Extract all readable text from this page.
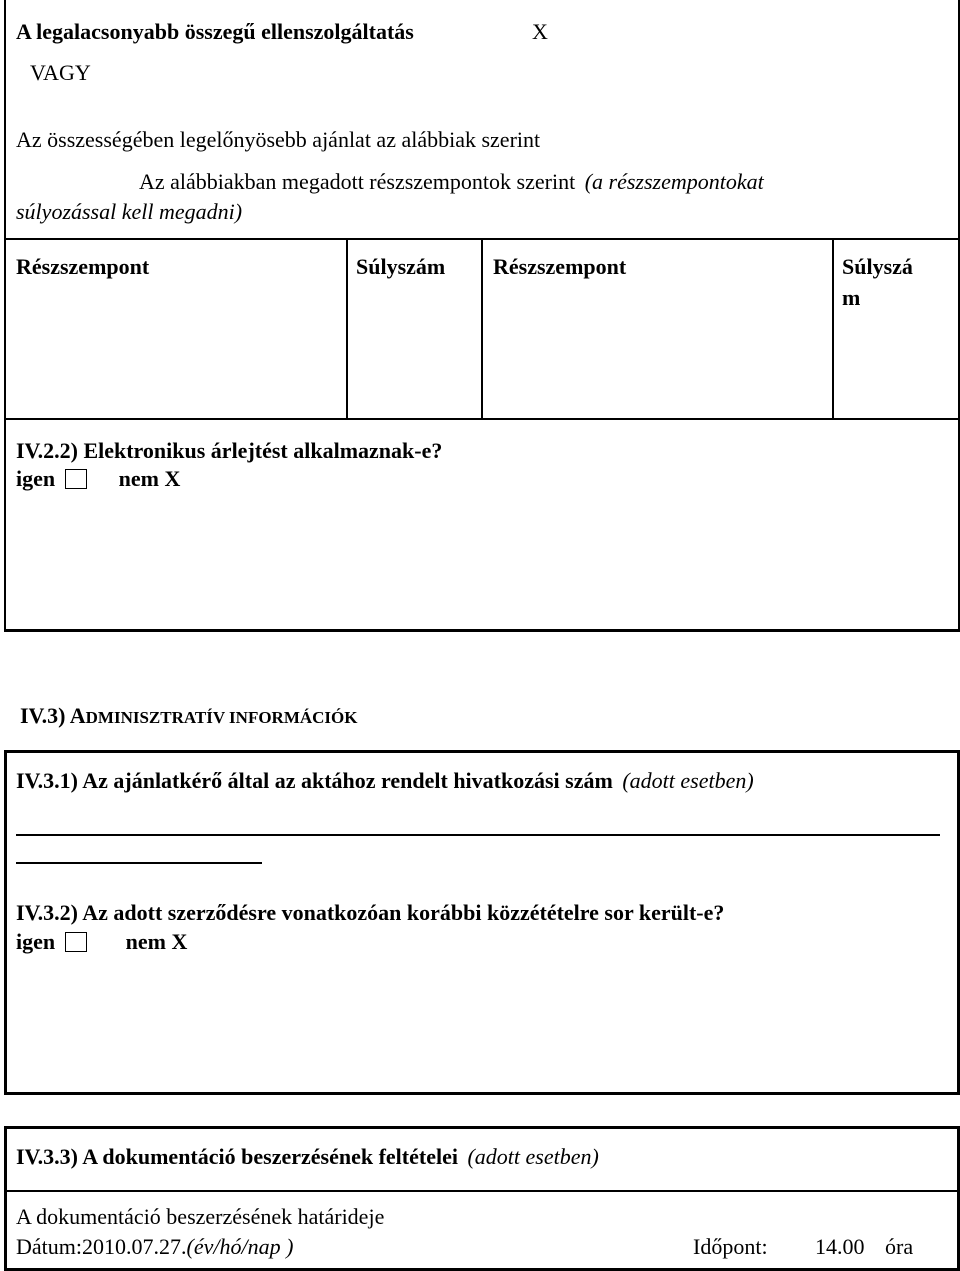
A legalacsonyabb összegű ellenszolgáltatás	X
VAGY
Az összességében legelőnyösebb ajánlat az alábbiak szerint
Az alábbiakban megadott részszempontok szerint (a részszempontokat
súlyozással kell megadni)
Részszempont	Súlyszám Részszempont	Súlyszá
m
IV.2.2) Elektronikus árlejtést alkalmaznak-e?
igen	nem X
IV.3) ADMINISZTRATÍV INFORMÁCIÓK
IV.3.1) Az ajánlatkérő által az aktához rendelt hivatkozási szám (adott esetben)
IV.3.2) Az adott szerződésre vonatkozóan korábbi közzétételre sor került-e?
igen	nem X
IV.3.3) A dokumentáció beszerzésének feltételei (adott esetben)
A dokumentáció beszerzésének határideje
Dátum:2010.07.27.(év/hó/nap )	Időpont: 14.00 óra
